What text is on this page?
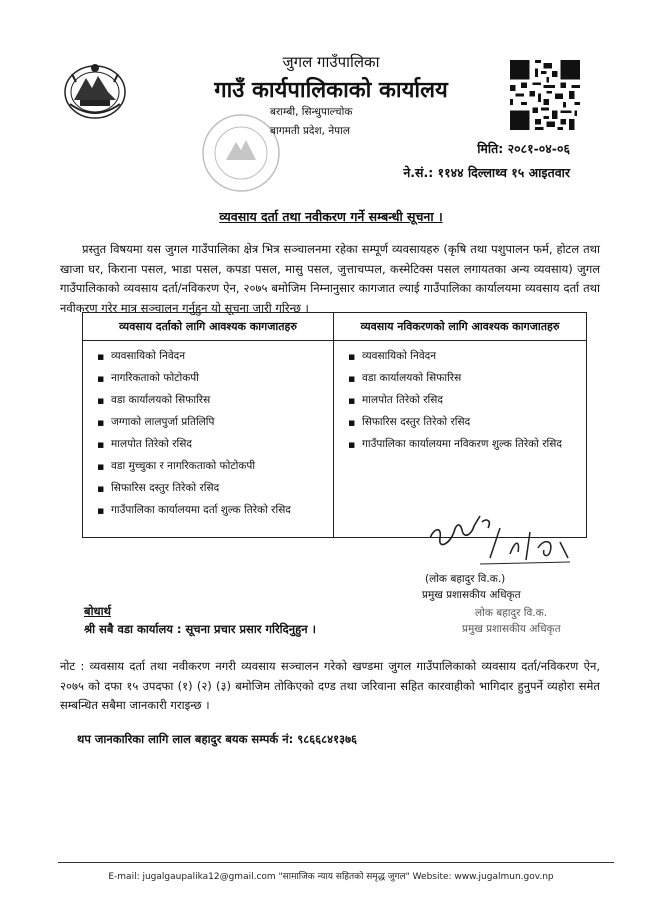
जुगल गाउँपालिका
गाउँ कार्यपालिकाको कार्यालय
बराम्बी, सिन्धुपाल्चोक
बागमती प्रदेश, नेपाल
मिति: २०८१-०४-०६
ने.सं.: ११४४ दिल्लाथ्व १५ आइतवार
व्यवसाय दर्ता तथा नवीकरण गर्ने सम्बन्धी सूचना ।
प्रस्तुत विषयमा यस जुगल गाउँपालिका क्षेत्र भित्र सञ्चालनमा रहेका सम्पूर्ण व्यवसायहरु (कृषि तथा पशुपालन फर्म, होटल तथा खाजा घर, किराना पसल, भाडा पसल, कपडा पसल, मासु पसल, जुत्ताचप्पल, कस्मेटिक्स पसल लगायतका अन्य व्यवसाय) जुगल गाउँपालिकाको व्यवसाय दर्ता/नविकरण ऐन, २०७५ बमोजिम निम्नानुसार कागजात ल्याई गाउँपालिका कार्यालयमा व्यवसाय दर्ता तथा नवीकरण गरेर मात्र सञ्चालन गर्नुहुन यो सूचना जारी गरिन्छ ।
व्यवसाय दर्ताको लागि आवश्यक कागजातहरु
▪ व्यवसायिको निवेदन
▪ नागरिकताको फोटोकपी
▪ वडा कार्यालयको सिफारिस
▪ जग्गाको लालपुर्जा प्रतिलिपि
▪ मालपोत तिरेको रसिद
▪ वडा मुच्चुका र नागरिकताको फोटोकपी
▪ सिफारिस दस्तुर तिरेको रसिद
▪ गाउँपालिका कार्यालयमा दर्ता शुल्क तिरेको रसिद
व्यवसाय नविकरणको लागि आवश्यक कागजातहरु
▪ व्यवसायिको निवेदन
▪ वडा कार्यालयको सिफारिस
▪ मालपोत तिरेको रसिद
▪ सिफारिस दस्तुर तिरेको रसिद
▪ गाउँपालिका कार्यालयमा नविकरण शुल्क तिरेको रसिद
(लोक बहादुर वि.क.)
प्रमुख प्रशासकीय अधिकृत
लोक बहादुर वि.क.
प्रमुख प्रशासकीय अधिकृत
बोधार्थ
श्री सबै वडा कार्यालय : सूचना प्रचार प्रसार गरिदिनुहुन ।
नोट : व्यवसाय दर्ता तथा नवीकरण नगरी व्यवसाय सञ्चालन गरेको खण्डमा जुगल गाउँपालिकाको व्यवसाय दर्ता/नविकरण ऐन, २०७५ को दफा १५ उपदफा (१) (२) (३) बमोजिम तोकिएको दण्ड तथा जरिवाना सहित कारवाहीको भागिदार हुनुपर्ने व्यहोरा समेत सम्बन्धित सबैमा जानकारी गराइन्छ ।
थप जानकारिका लागि लाल बहादुर बयक सम्पर्क नं: ९८६६८४१३७६
E-mail: jugalgaupalika12@gmail.com "सामाजिक न्याय सहितको समृद्ध जुगल" Website: www.jugalmun.gov.np
